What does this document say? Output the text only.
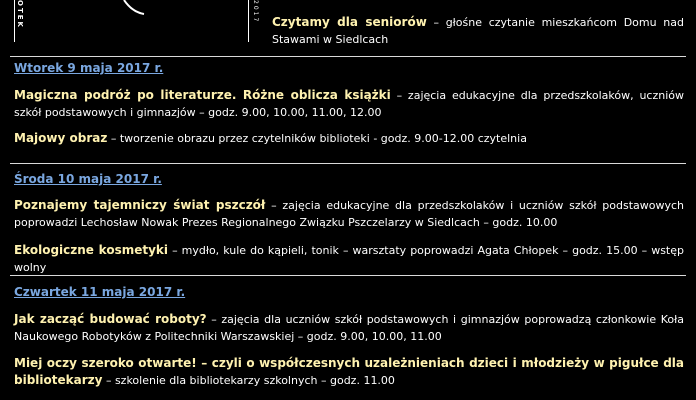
OTEK	2017 Czytamy dla seniorów – głośne czytanie mieszkańcom Domu nad Stawami w Siedlcach
Wtorek 9 maja 2017 r.
Magiczna podróż po literaturze. Różne oblicza książki – zajęcia edukacyjne dla przedszkolaków, uczniów szkół podstawowych i gimnazjów – godz. 9.00, 10.00, 11.00, 12.00
Majowy obraz – tworzenie obrazu przez czytelników biblioteki - godz. 9.00-12.00 czytelnia
Środa 10 maja 2017 r.
Poznajemy tajemniczy świat pszczół – zajęcia edukacyjne dla przedszkolaków i uczniów szkół podstawowych poprowadzi Lechosław Nowak Prezes Regionalnego Związku Pszczelarzy w Siedlcach – godz. 10.00
Ekologiczne kosmetyki – mydło, kule do kąpieli, tonik – warsztaty poprowadzi Agata Chłopek – godz. 15.00 – wstęp wolny
Czwartek 11 maja 2017 r.
Jak zacząć budować roboty? – zajęcia dla uczniów szkół podstawowych i gimnazjów poprowadzą członkowie Koła Naukowego Robotyków z Politechniki Warszawskiej – godz. 9.00, 10.00, 11.00
Miej oczy szeroko otwarte! – czyli o współczesnych uzależnieniach dzieci i młodzieży w pigułce dla bibliotekarzy – szkolenie dla bibliotekarzy szkolnych – godz. 11.00
